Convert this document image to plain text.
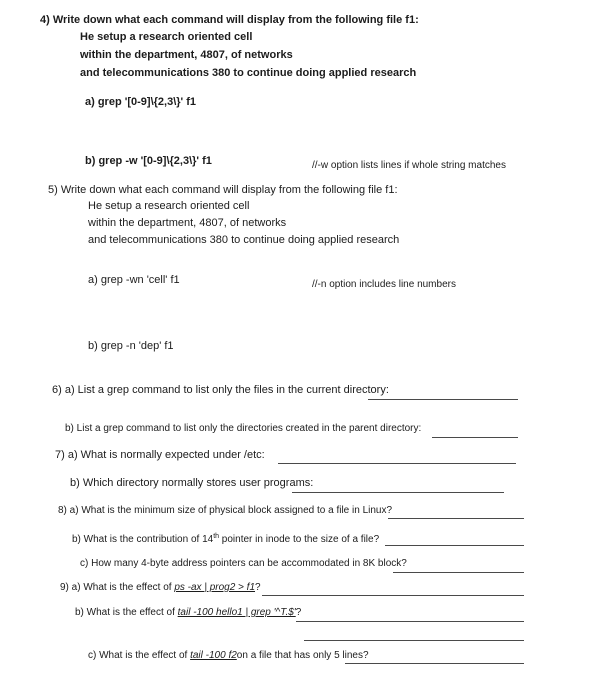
4) Write down what each command will display from the following file f1:
He setup a research oriented cell
within the department, 4807, of networks
and telecommunications 380 to continue doing applied research
a) grep '[0-9]\{2,3\}' f1
b) grep -w '[0-9]\{2,3\}' f1	//-w option lists lines if whole string matches
5) Write down what each command will display from the following file f1:
He setup a research oriented cell
within the department, 4807, of networks
and telecommunications 380 to continue doing applied research
a) grep -wn 'cell' f1	//-n option includes line numbers
b) grep -n 'dep' f1
6) a) List a grep command to list only the files in the current directory:
b) List a grep command to list only the directories created in the parent directory:
7) a) What is normally expected under /etc:
b) Which directory normally stores user programs:
8) a) What is the minimum size of physical block assigned to a file in Linux?
b) What is the contribution of 14th pointer in inode to the size of a file?
c) How many 4-byte address pointers can be accommodated in 8K block?
9) a) What is the effect of ps -ax | prog2 > f1?
b) What is the effect of tail -100 hello1 | grep '^T.$'?
c) What is the effect of tail -100 f2on a file that has only 5 lines?
